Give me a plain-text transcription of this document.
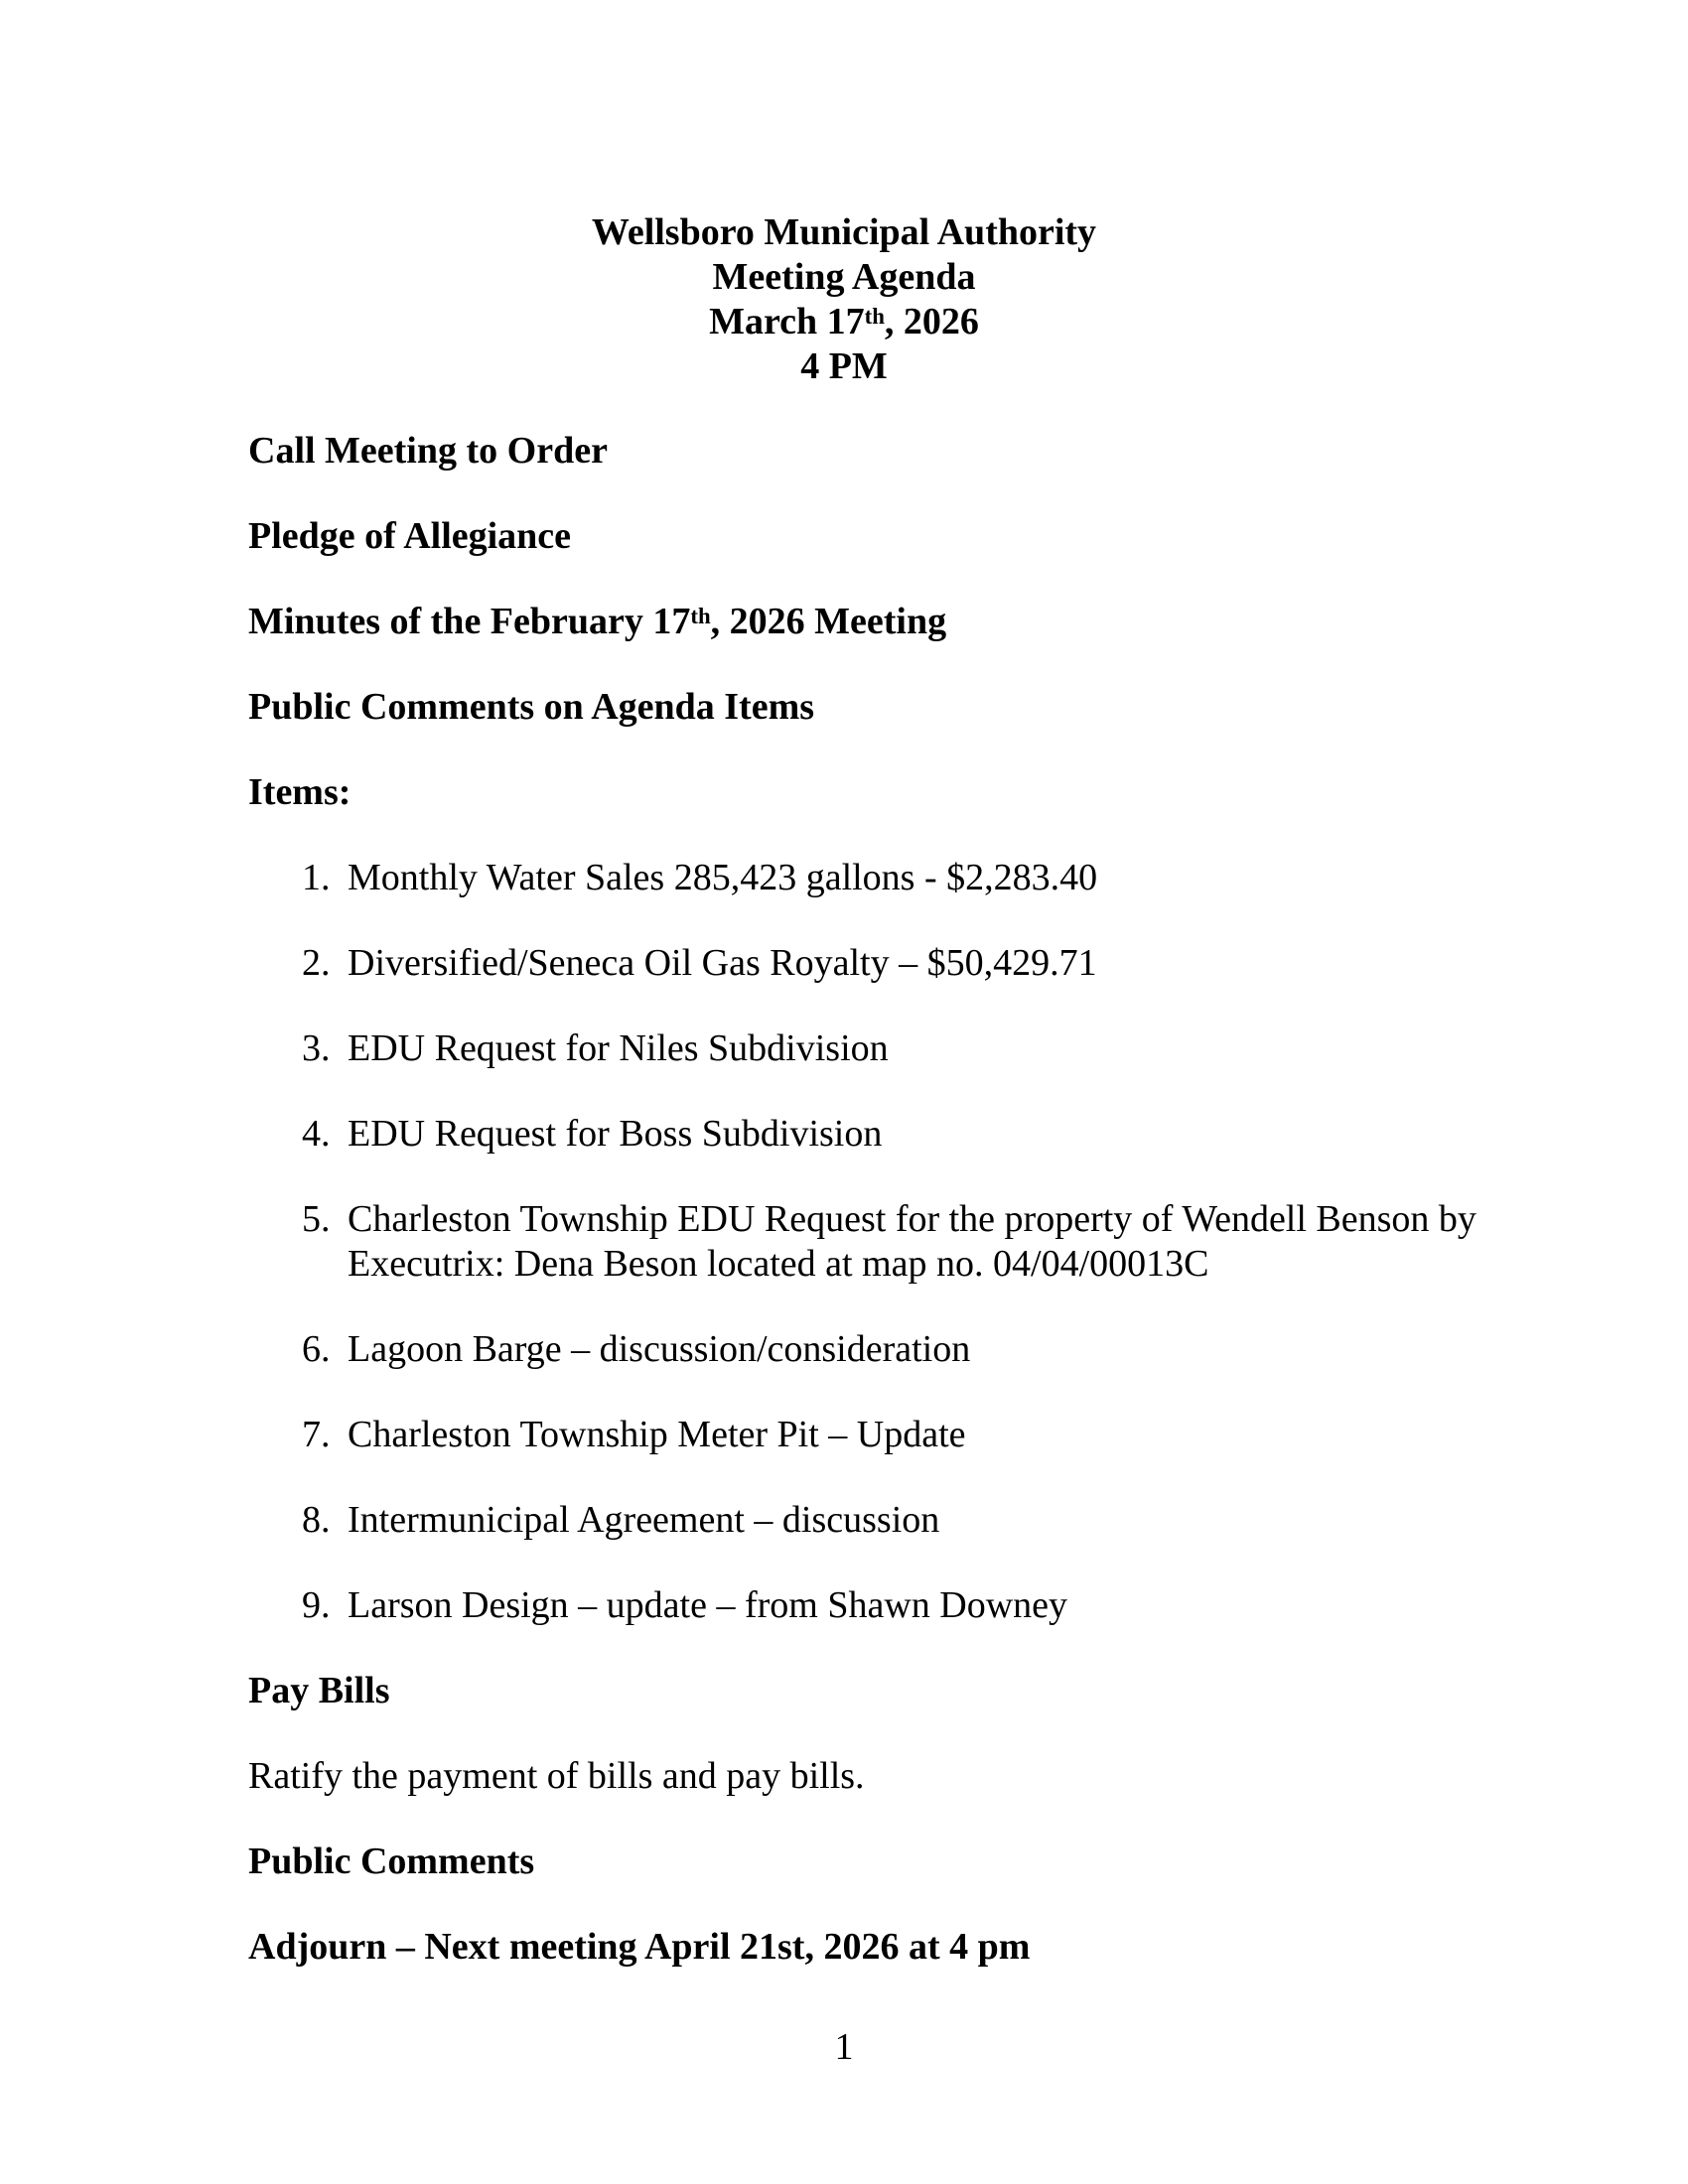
Wellsboro Municipal Authority
Meeting Agenda
March 17th, 2026
4 PM

Call Meeting to Order

Pledge of Allegiance

Minutes of the February 17th, 2026 Meeting

Public Comments on Agenda Items

Items:

1. Monthly Water Sales 285,423 gallons - $2,283.40
2. Diversified/Seneca Oil Gas Royalty – $50,429.71
3. EDU Request for Niles Subdivision
4. EDU Request for Boss Subdivision
5. Charleston Township EDU Request for the property of Wendell Benson by Executrix: Dena Beson located at map no. 04/04/00013C
6. Lagoon Barge – discussion/consideration
7. Charleston Township Meter Pit – Update
8. Intermunicipal Agreement – discussion
9. Larson Design – update – from Shawn Downey

Pay Bills

Ratify the payment of bills and pay bills.

Public Comments

Adjourn – Next meeting April 21st, 2026 at 4 pm

1
